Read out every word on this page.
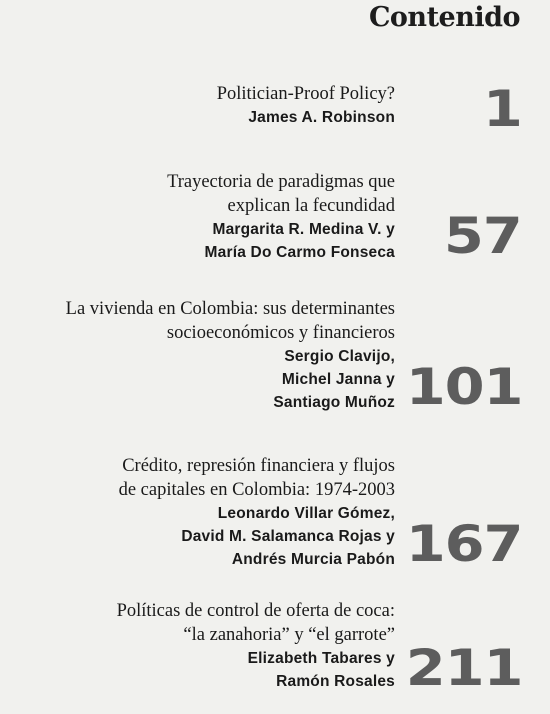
Contenido
Politician-Proof Policy?
James A. Robinson 1
Trayectoria de paradigmas que
explican la fecundidad
Margarita R. Medina V. y
María Do Carmo Fonseca 57
La vivienda en Colombia: sus determinantes
socioeconómicos y financieros
Sergio Clavijo,
Michel Janna y
Santiago Muñoz 101
Crédito, represión financiera y flujos
de capitales en Colombia: 1974-2003
Leonardo Villar Gómez,
David M. Salamanca Rojas y
Andrés Murcia Pabón 167
Políticas de control de oferta de coca:
“la zanahoria” y “el garrote”
Elizabeth Tabares y
Ramón Rosales 211
